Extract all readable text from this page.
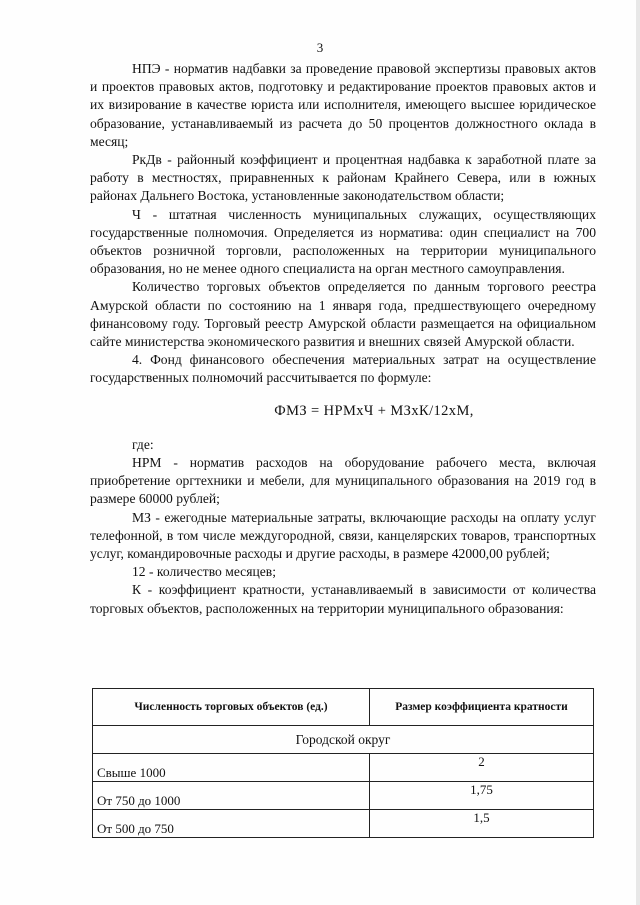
3

НПЭ - норматив надбавки за проведение правовой экспертизы правовых актов и проектов правовых актов, подготовку и редактирование проектов правовых актов и их визирование в качестве юриста или исполнителя, имеющего высшее юридическое образование, устанавливаемый из расчета до 50 процентов должностного оклада в месяц;

РкДв - районный коэффициент и процентная надбавка к заработной плате за работу в местностях, приравненных к районам Крайнего Севера, или в южных районах Дальнего Востока, установленные законодательством области;

Ч - штатная численность муниципальных служащих, осуществляющих государственные полномочия. Определяется из норматива: один специалист на 700 объектов розничной торговли, расположенных на территории муниципального образования, но не менее одного специалиста на орган местного самоуправления.

Количество торговых объектов определяется по данным торгового реестра Амурской области по состоянию на 1 января года, предшествующего очередному финансовому году. Торговый реестр Амурской области размещается на официальном сайте министерства экономического развития и внешних связей Амурской области.

4. Фонд финансового обеспечения материальных затрат на осуществление государственных полномочий рассчитывается по формуле:

ФМЗ = НРМхЧ + МЗхК/12хМ,

где:

НРМ - норматив расходов на оборудование рабочего места, включая приобретение оргтехники и мебели, для муниципального образования на 2019 год в размере 60000 рублей;

МЗ - ежегодные материальные затраты, включающие расходы на оплату услуг телефонной, в том числе междугородной, связи, канцелярских товаров, транспортных услуг, командировочные расходы и другие расходы, в размере 42000,00 рублей;

12 - количество месяцев;

К - коэффициент кратности, устанавливаемый в зависимости от количества торговых объектов, расположенных на территории муниципального образования:

Численность торговых объектов (ед.)	Размер коэффициента кратности
Городской округ	
Свыше 1000	2
От 750 до 1000	1,75
От 500 до 750	1,5
